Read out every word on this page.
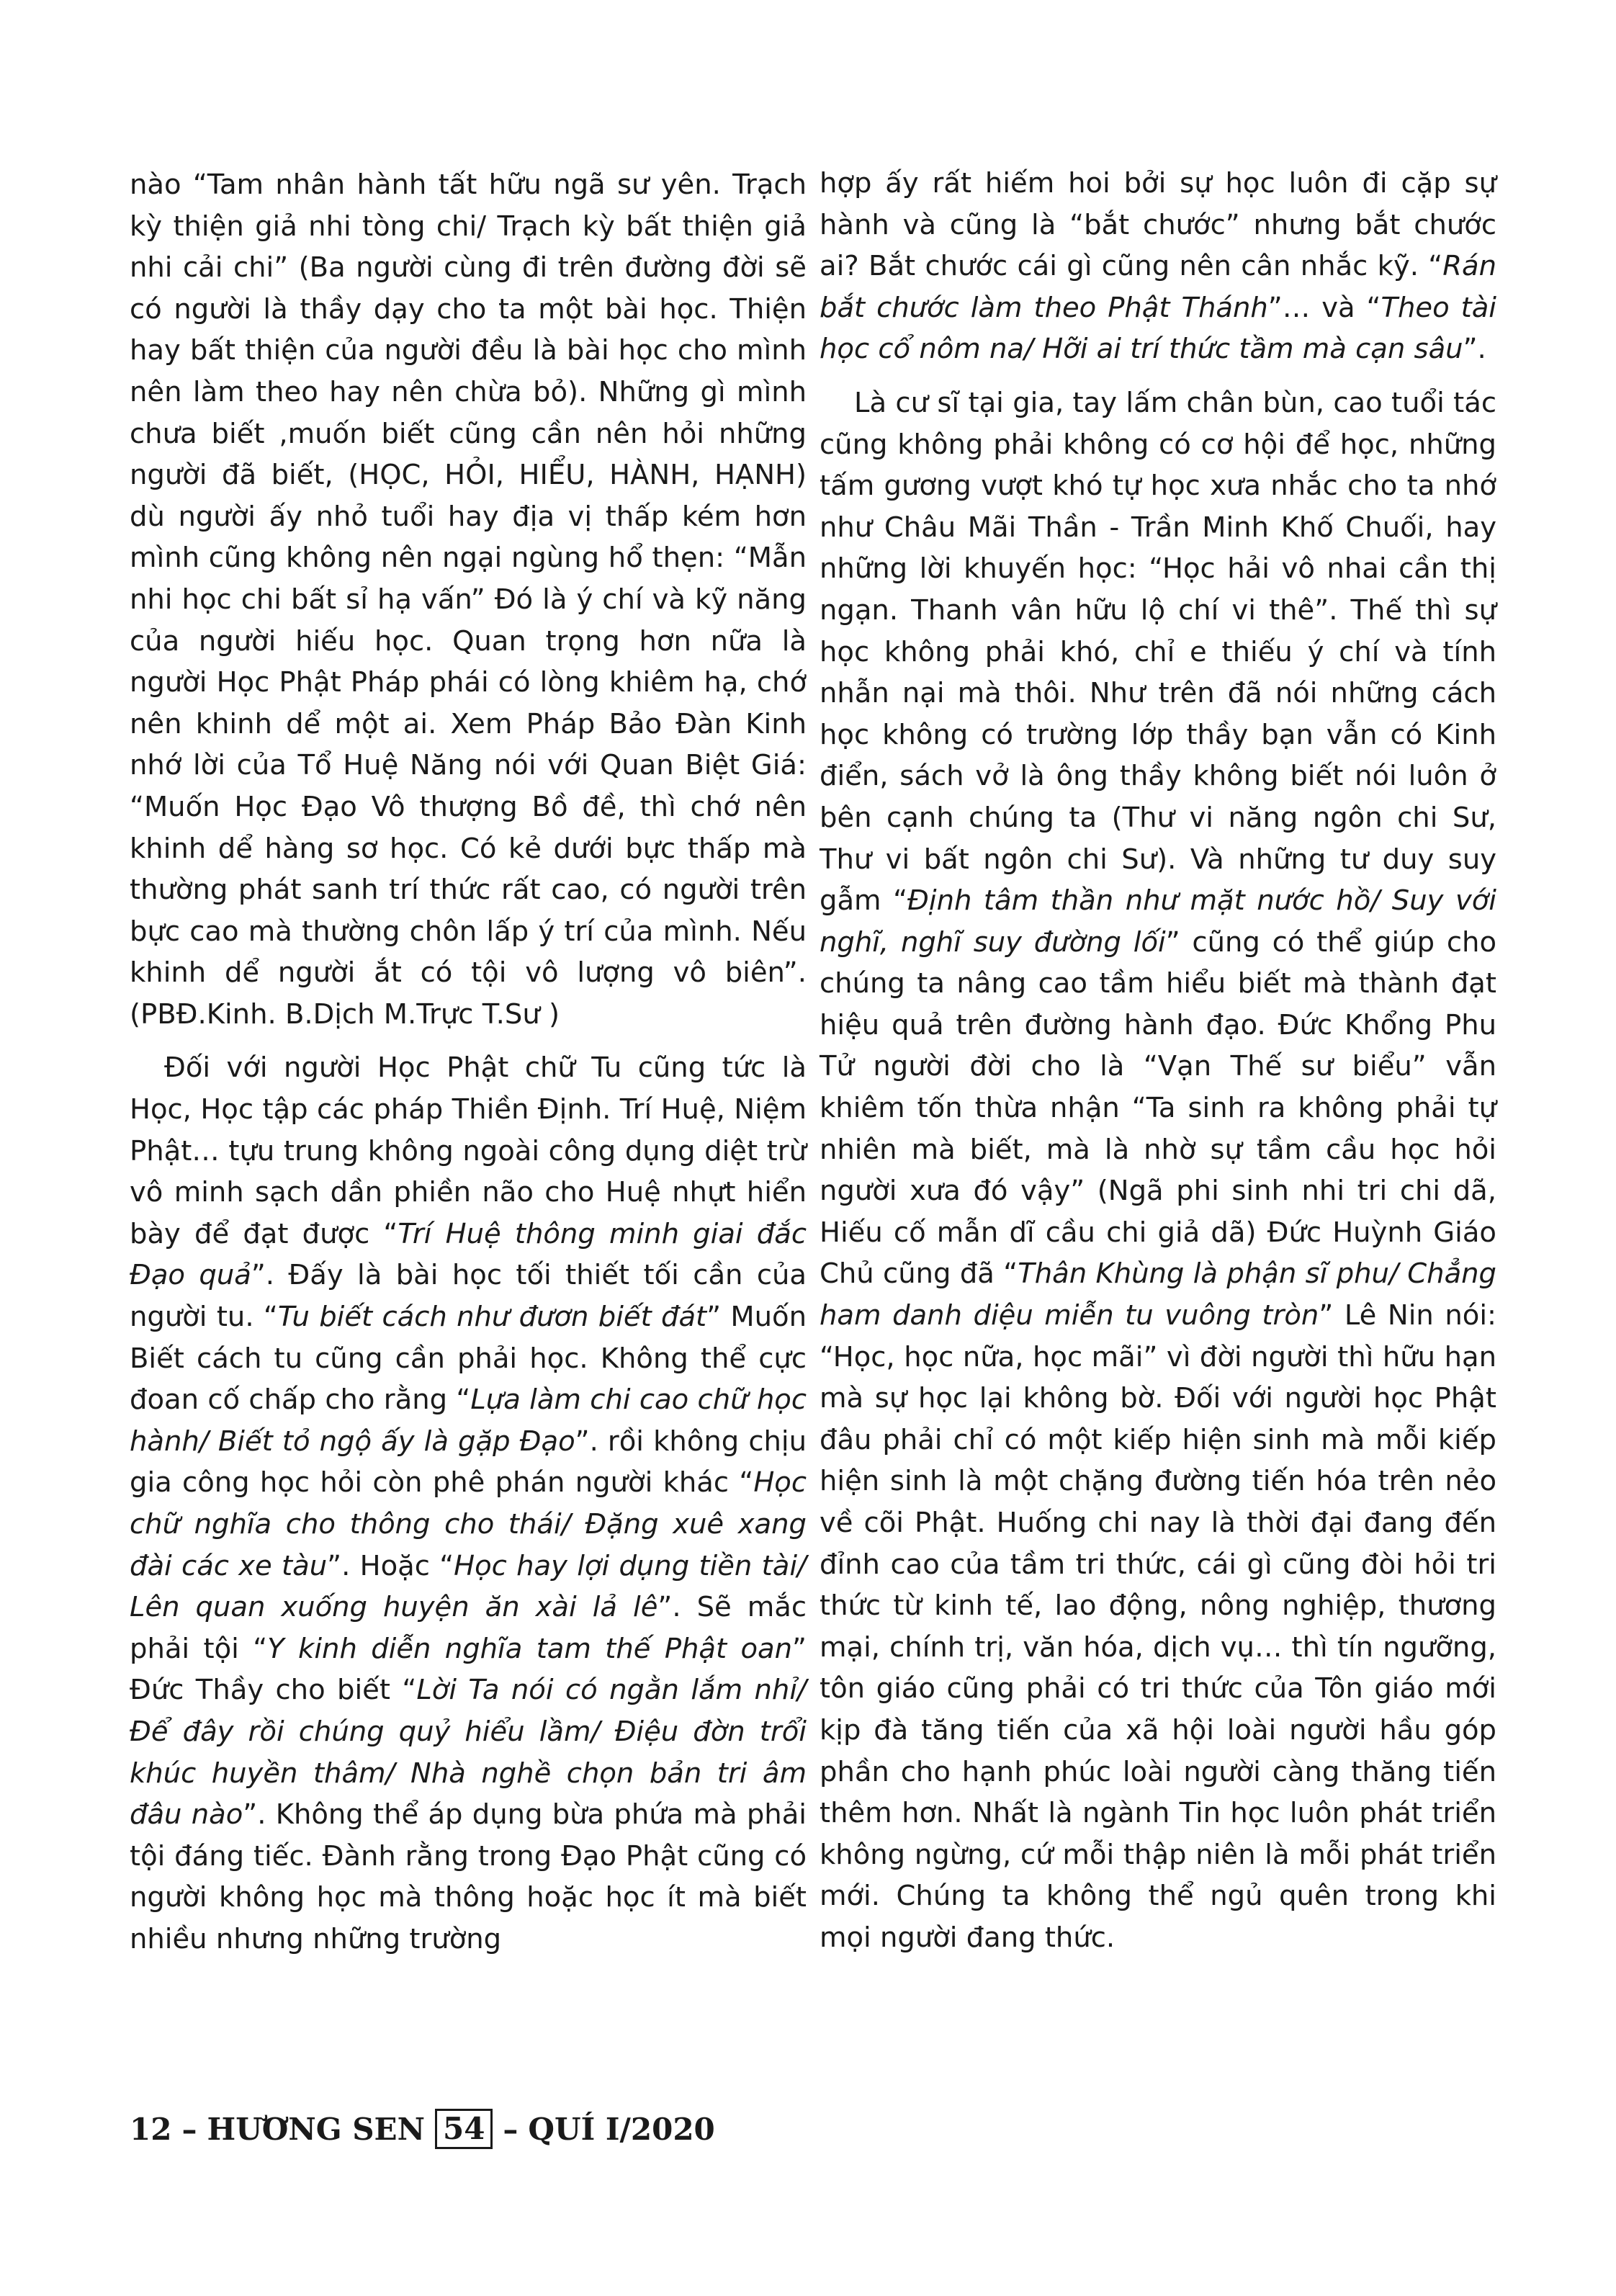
nào “Tam nhân hành tất hữu ngã sư yên. Trạch kỳ thiện giả nhi tòng chi/ Trạch kỳ bất thiện giả nhi cải chi” (Ba người cùng đi trên đường đời sẽ có người là thầy dạy cho ta một bài học. Thiện hay bất thiện của người đều là bài học cho mình nên làm theo hay nên chừa bỏ). Những gì mình chưa biết ,muốn biết cũng cần nên hỏi những người đã biết, (HỌC, HỎI, HIỂU, HÀNH, HẠNH) dù người ấy nhỏ tuổi hay địa vị thấp kém hơn mình cũng không nên ngại ngùng hổ thẹn: “Mẫn nhi học chi bất sỉ hạ vấn” Đó là ý chí và kỹ năng của người hiếu học. Quan trọng hơn nữa là người Học Phật Pháp phái có lòng khiêm hạ, chớ nên khinh dể một ai. Xem Pháp Bảo Đàn Kinh nhớ lời của Tổ Huệ Năng nói với Quan Biệt Giá: “Muốn Học Đạo Vô thượng Bồ đề, thì chớ nên khinh dể hàng sơ học. Có kẻ dưới bực thấp mà thường phát sanh trí thức rất cao, có người trên bực cao mà thường chôn lấp ý trí của mình. Nếu khinh dể người ắt có tội vô lượng vô biên”. (PBĐ.Kinh. B.Dịch M.Trực T.Sư )

Đối với người Học Phật chữ Tu cũng tức là Học, Học tập các pháp Thiền Định. Trí Huệ, Niệm Phật… tựu trung không ngoài công dụng diệt trừ vô minh sạch dần phiền não cho Huệ nhựt hiển bày để đạt được “Trí Huệ thông minh giai đắc Đạo quả”. Đấy là bài học tối thiết tối cần của người tu. “Tu biết cách như đươn biết đát” Muốn Biết cách tu cũng cần phải học. Không thể cực đoan cố chấp cho rằng “Lựa làm chi cao chữ học hành/ Biết tỏ ngộ ấy là gặp Đạo”. rồi không chịu gia công học hỏi còn phê phán người khác “Học chữ nghĩa cho thông cho thái/ Đặng xuê xang đài các xe tàu”. Hoặc “Học hay lợi dụng tiền tài/ Lên quan xuống huyện ăn xài lả lê”. Sẽ mắc phải tội “Y kinh diễn nghĩa tam thế Phật oan” Đức Thầy cho biết “Lời Ta nói có ngằn lắm nhỉ/ Để đây rồi chúng quỷ hiểu lầm/ Điệu đờn trổi khúc huyền thâm/ Nhà nghề chọn bản tri âm đâu nào”. Không thể áp dụng bừa phứa mà phải tội đáng tiếc. Đành rằng trong Đạo Phật cũng có người không học mà thông hoặc học ít mà biết nhiều nhưng những trường

hợp ấy rất hiếm hoi bởi sự học luôn đi cặp sự hành và cũng là “bắt chước” nhưng bắt chước ai? Bắt chước cái gì cũng nên cân nhắc kỹ. “Rán bắt chước làm theo Phật Thánh”… và “Theo tài học cổ nôm na/ Hỡi ai trí thức tầm mà cạn sâu”.

Là cư sĩ tại gia, tay lấm chân bùn, cao tuổi tác cũng không phải không có cơ hội để học, những tấm gương vượt khó tự học xưa nhắc cho ta nhớ như Châu Mãi Thần - Trần Minh Khố Chuối, hay những lời khuyến học: “Học hải vô nhai cần thị ngạn. Thanh vân hữu lộ chí vi thê”. Thế thì sự học không phải khó, chỉ e thiếu ý chí và tính nhẫn nại mà thôi. Như trên đã nói những cách học không có trường lớp thầy bạn vẫn có Kinh điển, sách vở là ông thầy không biết nói luôn ở bên cạnh chúng ta (Thư vi năng ngôn chi Sư, Thư vi bất ngôn chi Sư). Và những tư duy suy gẫm “Định tâm thần như mặt nước hồ/ Suy với nghĩ, nghĩ suy đường lối” cũng có thể giúp cho chúng ta nâng cao tầm hiểu biết mà thành đạt hiệu quả trên đường hành đạo. Đức Khổng Phu Tử người đời cho là “Vạn Thế sư biểu” vẫn khiêm tốn thừa nhận “Ta sinh ra không phải tự nhiên mà biết, mà là nhờ sự tầm cầu học hỏi người xưa đó vậy” (Ngã phi sinh nhi tri chi dã, Hiếu cố mẫn dĩ cầu chi giả dã) Đức Huỳnh Giáo Chủ cũng đã “Thân Khùng là phận sĩ phu/ Chẳng ham danh diệu miễn tu vuông tròn” Lê Nin nói: “Học, học nữa, học mãi” vì đời người thì hữu hạn mà sự học lại không bờ. Đối với người học Phật đâu phải chỉ có một kiếp hiện sinh mà mỗi kiếp hiện sinh là một chặng đường tiến hóa trên nẻo về cõi Phật. Huống chi nay là thời đại đang đến đỉnh cao của tầm tri thức, cái gì cũng đòi hỏi tri thức từ kinh tế, lao động, nông nghiệp, thương mại, chính trị, văn hóa, dịch vụ… thì tín ngưỡng, tôn giáo cũng phải có tri thức của Tôn giáo mới kịp đà tăng tiến của xã hội loài người hầu góp phần cho hạnh phúc loài người càng thăng tiến thêm hơn. Nhất là ngành Tin học luôn phát triển không ngừng, cứ mỗi thập niên là mỗi phát triển mới. Chúng ta không thể ngủ quên trong khi mọi người đang thức.

12 – HƯƠNG SEN 54 – QUÍ I/2020
